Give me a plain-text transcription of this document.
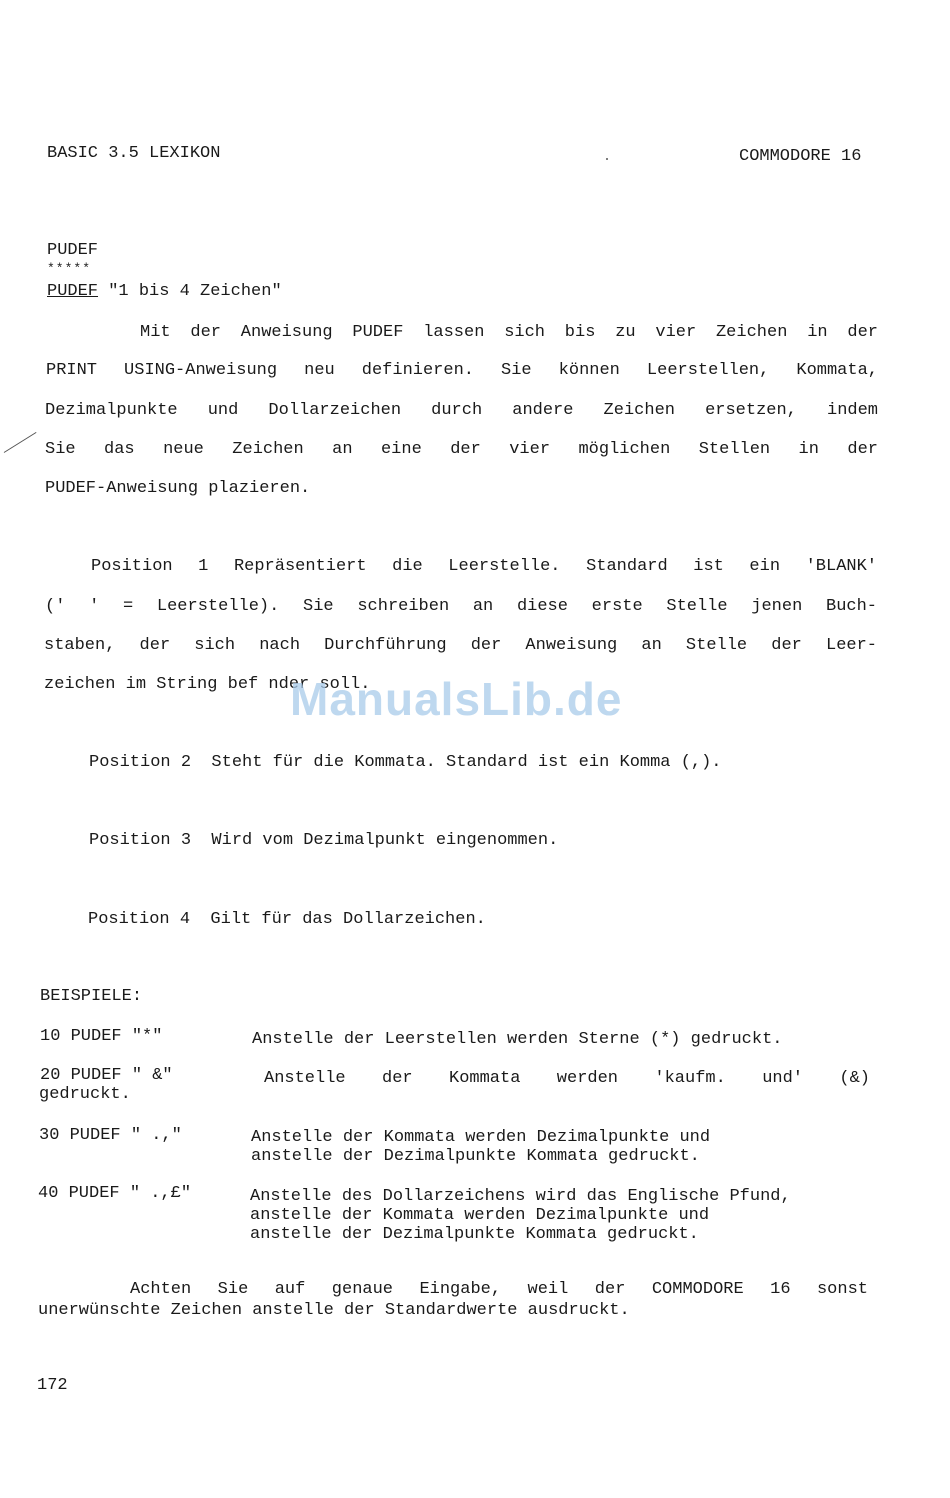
BASIC 3.5 LEXIKON	COMMODORE 16
PUDEF
*****
PUDEF "1 bis 4 Zeichen"
Mit der Anweisung PUDEF lassen sich bis zu vier Zeichen in der
PRINT USING-Anweisung neu definieren. Sie können Leerstellen, Kommata,
Dezimalpunkte und Dollarzeichen durch andere Zeichen ersetzen, indem
Sie das neue Zeichen an eine der vier möglichen Stellen in der
PUDEF-Anweisung plazieren.
Position 1 Repräsentiert die Leerstelle. Standard ist ein 'BLANK'
(' ' = Leerstelle). Sie schreiben an diese erste Stelle jenen Buch-
staben, der sich nach Durchführung der Anweisung an Stelle der Leer-
zeichen im String bef nder soll.
Position 2  Steht für die Kommata. Standard ist ein Komma (,).
Position 3  Wird vom Dezimalpunkt eingenommen.
Position 4  Gilt für das Dollarzeichen.
BEISPIELE:
10 PUDEF "*"	Anstelle der Leerstellen werden Sterne (*) gedruckt.
20 PUDEF " &"	Anstelle der Kommata werden 'kaufm. und' (&)
gedruckt.
30 PUDEF " .,"	Anstelle der Kommata werden Dezimalpunkte und
anstelle der Dezimalpunkte Kommata gedruckt.
40 PUDEF " .,£"	Anstelle des Dollarzeichens wird das Englische Pfund,
anstelle der Kommata werden Dezimalpunkte und
anstelle der Dezimalpunkte Kommata gedruckt.
Achten Sie auf genaue Eingabe, weil der COMMODORE 16 sonst
unerwünschte Zeichen anstelle der Standardwerte ausdruckt.
172
ManualsLib.de
